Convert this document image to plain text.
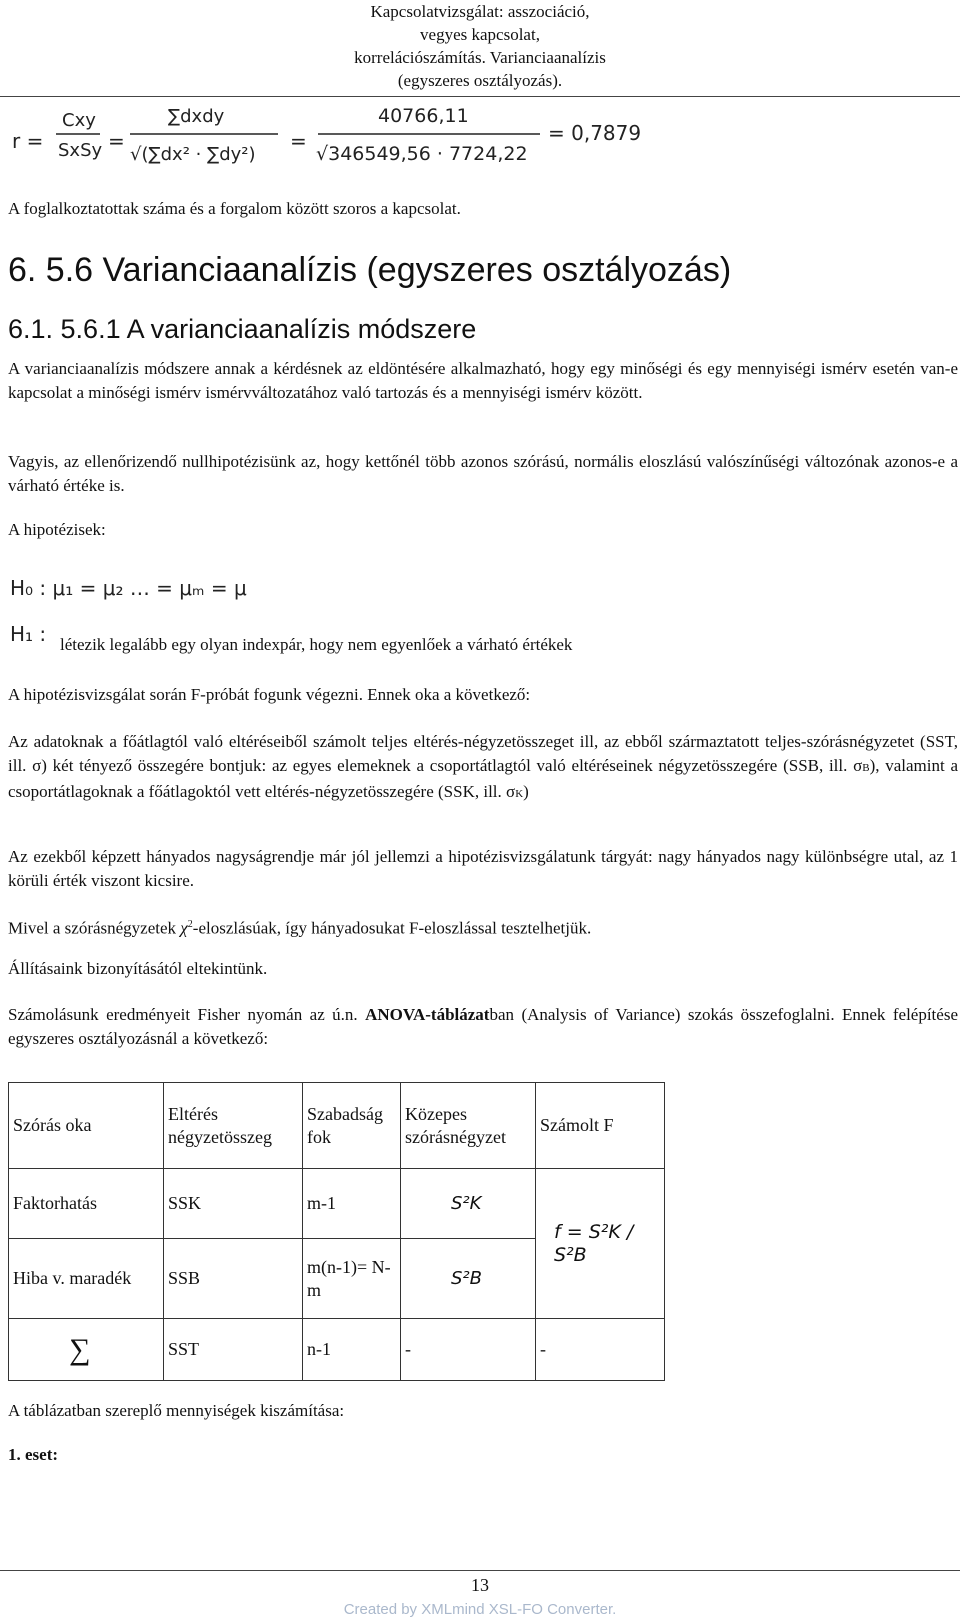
Kapcsolatvizsgálat: asszociáció,
vegyes kapcsolat,
korrelációszámítás. Varianciaanalízis
(egyszeres osztályozás).
r =
Cxy
SxSy =
∑dxdy
√(∑dx² · ∑dy²)
=
40766,11
√346549,56 · 7724,22
= 0,7879
A foglalkoztatottak száma és a forgalom között szoros a kapcsolat.
6. 5.6 Varianciaanalízis (egyszeres osztályozás)
6.1. 5.6.1 A varianciaanalízis módszere
A varianciaanalízis módszere annak a kérdésnek az eldöntésére alkalmazható, hogy egy minőségi és egy mennyiségi ismérv esetén van-e kapcsolat a minőségi ismérv ismérvváltozatához való tartozás és a mennyiségi ismérv között.
Vagyis, az ellenőrizendő nullhipotézisünk az, hogy kettőnél több azonos szórású, normális eloszlású valószínűségi változónak azonos-e a várható értéke is.
A hipotézisek:
H₀ : μ₁ = μ₂ … = μₘ = μ
H₁ : létezik legalább egy olyan indexpár, hogy nem egyenlőek a várható értékek
A hipotézisvizsgálat során F-próbát fogunk végezni. Ennek oka a következő:
Az adatoknak a főátlagtól való eltéréseiből számolt teljes eltérés-négyzetösszeget ill, az ebből származtatott teljes-szórásnégyzetet (SST, ill. σ) két tényező összegére bontjuk: az egyes elemeknek a csoportátlagtól való eltéréseinek négyzetösszegére (SSB, ill. σB), valamint a csoportátlagoknak a főátlagoktól vett eltérés-négyzetösszegére (SSK, ill. σK)
Az ezekből képzett hányados nagyságrendje már jól jellemzi a hipotézisvizsgálatunk tárgyát: nagy hányados nagy különbségre utal, az 1 körüli érték viszont kicsire.
Mivel a szórásnégyzetek $\chi^2$-eloszlásúak, így hányadosukat F-eloszlással tesztelhetjük.
Állításaink bizonyításától eltekintünk.
Számolásunk eredményeit Fisher nyomán az ú.n. ANOVA-táblázatban (Analysis of Variance) szokás összefoglalni. Ennek felépítése egyszeres osztályozásnál a következő:
Szórás oka	Eltérés négyzetösszeg	Szabadság fok	Közepes szórásnégyzet	Számolt F
Faktorhatás	SSK	m-1	S²K	f = S²K / S²B
Hiba v. maradék	SSB	m(n-1)= N-m	S²B	
∑	SST	n-1	-	-
A táblázatban szereplő mennyiségek kiszámítása:
1. eset:
13
Created by XMLmind XSL-FO Converter.
